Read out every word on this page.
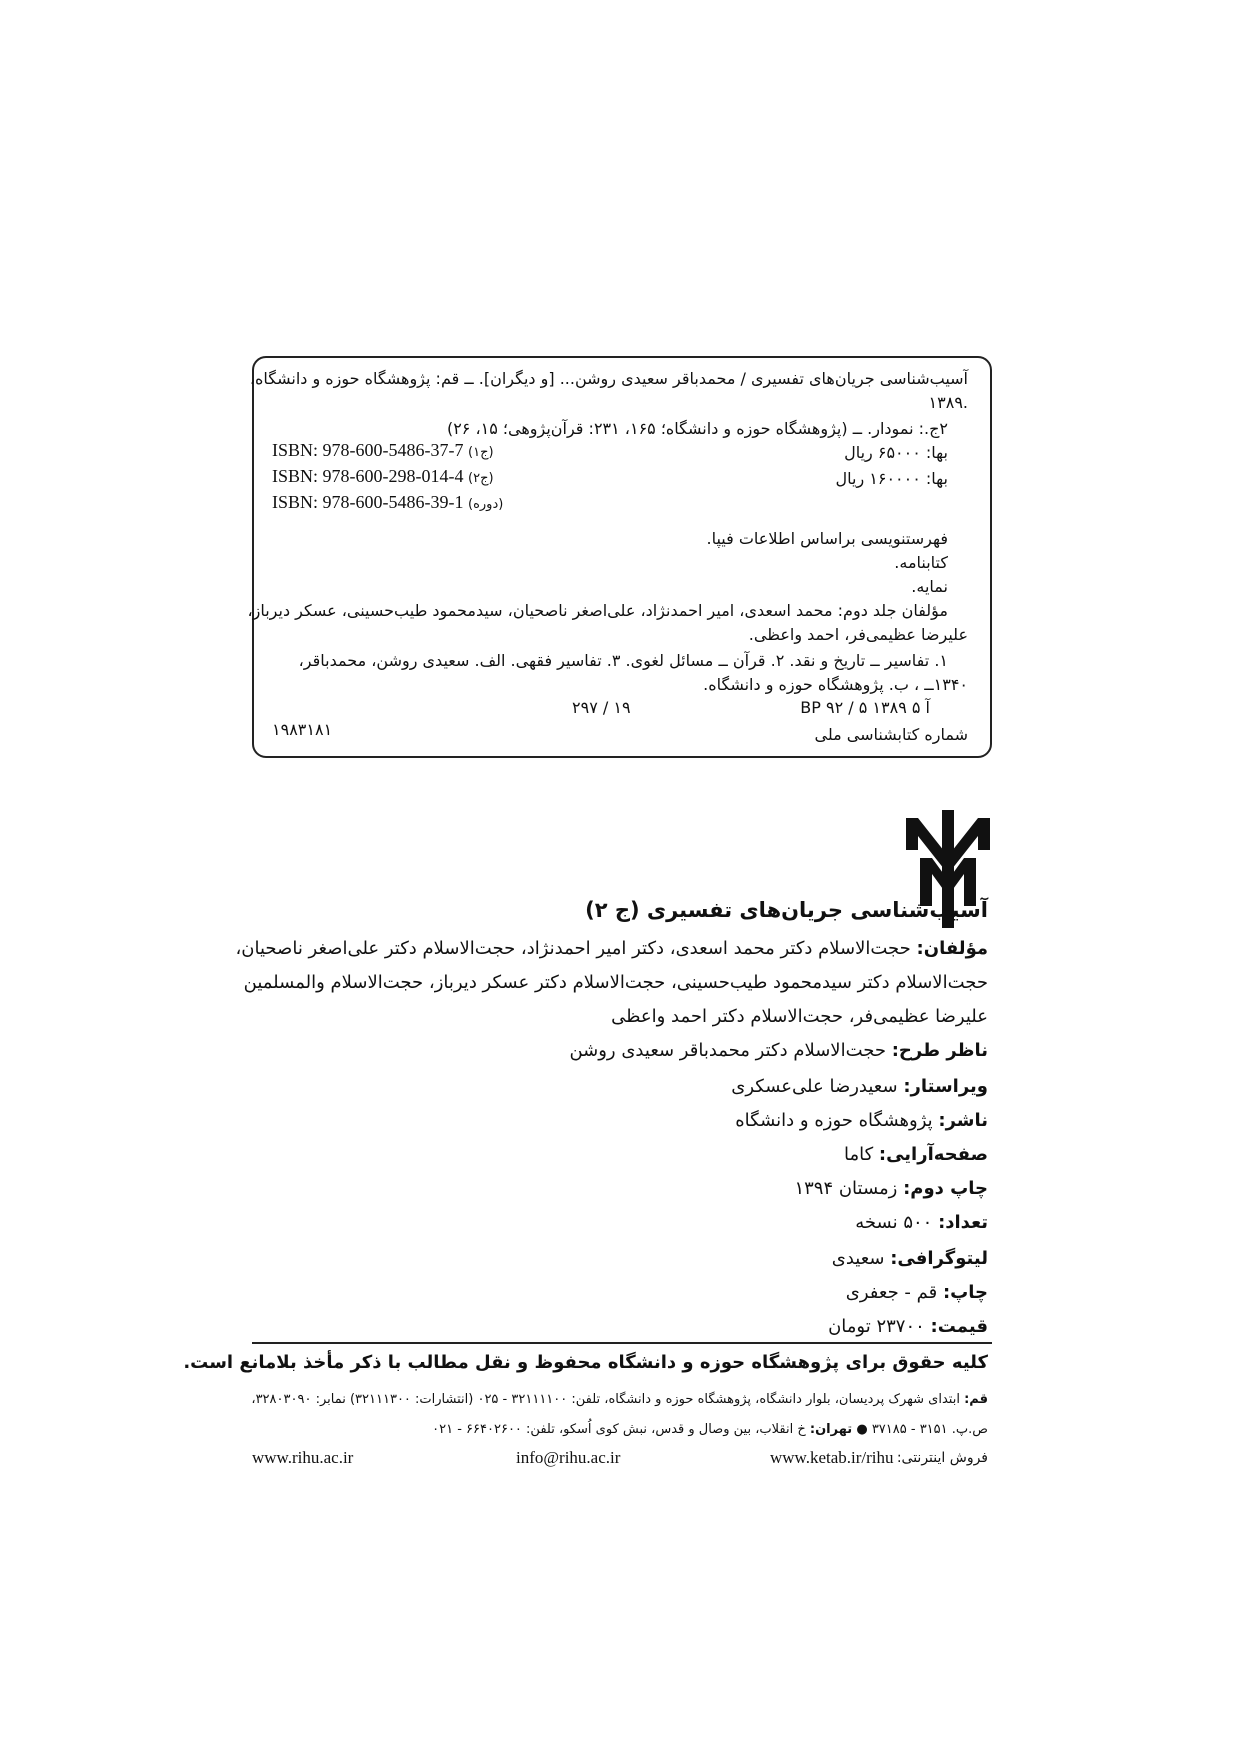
آسیب‌شناسی جریان‌های تفسیری / محمدباقر سعیدی روشن... [و دیگران]. ــ قم: پژوهشگاه حوزه و دانشگاه،
۱۳۸۹.
۲ج.: نمودار. ــ (پژوهشگاه حوزه و دانشگاه؛ ۱۶۵، ۲۳۱: قرآن‌پژوهی؛ ۱۵، ۲۶)
بها: ۶۵۰۰۰ ریال
بها: ۱۶۰۰۰۰ ریال
ISBN: 978-600-5486-37-7 (ج۱)
ISBN: 978-600-298-014-4 (ج۲)
ISBN: 978-600-5486-39-1 (دوره)
فهرستنویسی براساس اطلاعات فیپا.
کتابنامه.
نمایه.
مؤلفان جلد دوم: محمد اسعدی، امیر احمدنژاد، علی‌اصغر ناصحیان، سیدمحمود طیب‌حسینی، عسکر دیرباز،
علیرضا عظیمی‌فر، احمد واعظی.
۱. تفاسیر ــ تاریخ و نقد. ۲. قرآن ــ مسائل لغوی. ۳. تفاسیر فقهی. الف. سعیدی روشن، محمدباقر،
۱۳۴۰ــ ، ب. پژوهشگاه حوزه و دانشگاه.
BP ۹۲ / ۵ آ ۵ ۱۳۸۹
۲۹۷ / ۱۹
شماره کتابشناسی ملی
۱۹۸۳۱۸۱
آسیب‌شناسی جریان‌های تفسیری (ج ۲)
مؤلفان: حجت‌الاسلام دکتر محمد اسعدی، دکتر امیر احمدنژاد، حجت‌الاسلام دکتر علی‌اصغر ناصحیان،
حجت‌الاسلام دکتر سیدمحمود طیب‌حسینی، حجت‌الاسلام دکتر عسکر دیرباز، حجت‌الاسلام والمسلمین
علیرضا عظیمی‌فر، حجت‌الاسلام دکتر احمد واعظی
ناظر طرح: حجت‌الاسلام دکتر محمدباقر سعیدی روشن
ویراستار: سعیدرضا علی‌عسکری
ناشر: پژوهشگاه حوزه و دانشگاه
صفحه‌آرایی: کاما
چاپ دوم: زمستان ۱۳۹۴
تعداد: ۵۰۰ نسخه
لیتوگرافی: سعیدی
چاپ: قم - جعفری
قیمت: ۲۳۷۰۰ تومان
کلیه حقوق برای پژوهشگاه حوزه و دانشگاه محفوظ و نقل مطالب با ذکر مأخذ بلامانع است.
قم: ابتدای شهرک پردیسان، بلوار دانشگاه، پژوهشگاه حوزه و دانشگاه، تلفن: ۳۲۱۱۱۱۰۰ - ۰۲۵ (انتشارات: ۳۲۱۱۱۳۰۰) نمابر: ۳۲۸۰۳۰۹۰،
ص.پ. ۳۱۵۱ - ۳۷۱۸۵ ● تهران: خ انقلاب، بین وصال و قدس، نبش کوی اُسکو، تلفن: ۶۶۴۰۲۶۰۰ - ۰۲۱
فروش اینترنتی:
www.ketab.ir/rihu
info@rihu.ac.ir
www.rihu.ac.ir
